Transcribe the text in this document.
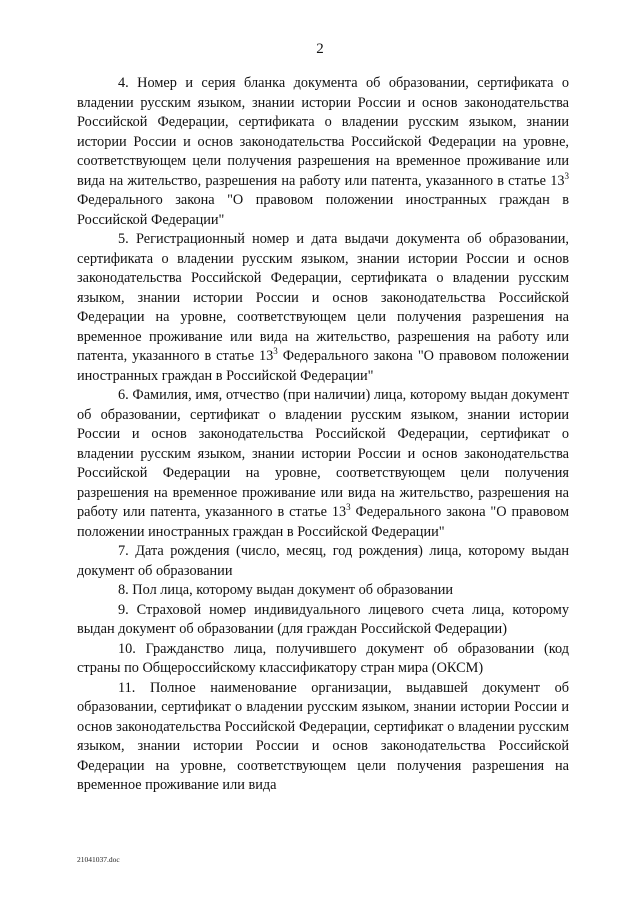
2

4. Номер и серия бланка документа об образовании, сертификата о владении русским языком, знании истории России и основ законодательства Российской Федерации, сертификата о владении русским языком, знании истории России и основ законодательства Российской Федерации на уровне, соответствующем цели получения разрешения на временное проживание или вида на жительство, разрешения на работу или патента, указанного в статье $13^3$ Федерального закона "О правовом положении иностранных граждан в Российской Федерации"

5. Регистрационный номер и дата выдачи документа об образовании, сертификата о владении русским языком, знании истории России и основ законодательства Российской Федерации, сертификата о владении русским языком, знании истории России и основ законодательства Российской Федерации на уровне, соответствующем цели получения разрешения на временное проживание или вида на жительство, разрешения на работу или патента, указанного в статье $13^3$ Федерального закона "О правовом положении иностранных граждан в Российской Федерации"

6. Фамилия, имя, отчество (при наличии) лица, которому выдан документ об образовании, сертификат о владении русским языком, знании истории России и основ законодательства Российской Федерации, сертификат о владении русским языком, знании истории России и основ законодательства Российской Федерации на уровне, соответствующем цели получения разрешения на временное проживание или вида на жительство, разрешения на работу или патента, указанного в статье $13^3$ Федерального закона "О правовом положении иностранных граждан в Российской Федерации"

7. Дата рождения (число, месяц, год рождения) лица, которому выдан документ об образовании

8. Пол лица, которому выдан документ об образовании

9. Страховой номер индивидуального лицевого счета лица, которому выдан документ об образовании (для граждан Российской Федерации)

10. Гражданство лица, получившего документ об образовании (код страны по Общероссийскому классификатору стран мира (ОКСМ)

11. Полное наименование организации, выдавшей документ об образовании, сертификат о владении русским языком, знании истории России и основ законодательства Российской Федерации, сертификат о владении русским языком, знании истории России и основ законодательства Российской Федерации на уровне, соответствующем цели получения разрешения на временное проживание или вида

21041037.doc
